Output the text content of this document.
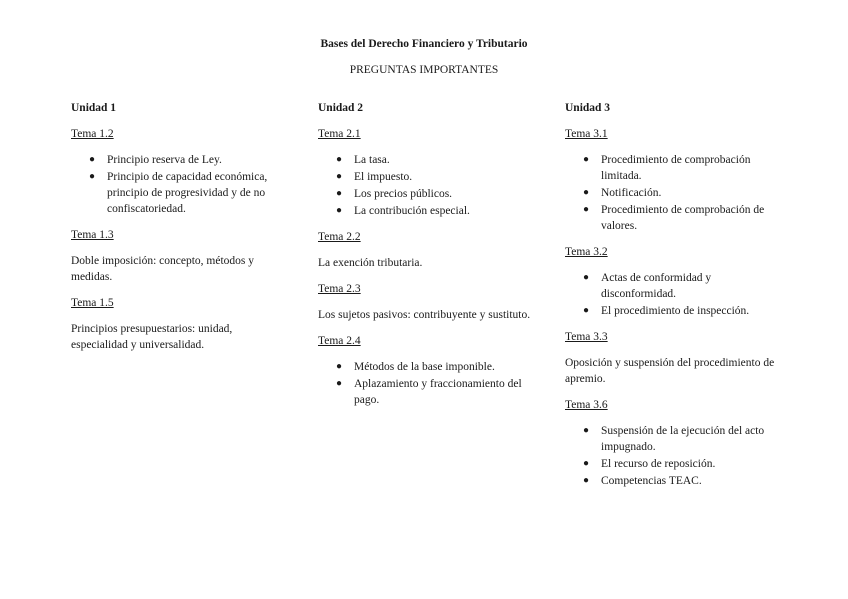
Bases del Derecho Financiero y Tributario
PREGUNTAS IMPORTANTES
Unidad 1
Tema 1.2
● Principio reserva de Ley.
● Principio de capacidad económica, principio de progresividad y de no confiscatoriedad.
Tema 1.3
Doble imposición: concepto, métodos y medidas.
Tema 1.5
Principios presupuestarios: unidad, especialidad y universalidad.
Unidad 2
Tema 2.1
● La tasa.
● El impuesto.
● Los precios públicos.
● La contribución especial.
Tema 2.2
La exención tributaria.
Tema 2.3
Los sujetos pasivos: contribuyente y sustituto.
Tema 2.4
● Métodos de la base imponible.
● Aplazamiento y fraccionamiento del pago.
Unidad 3
Tema 3.1
● Procedimiento de comprobación limitada.
● Notificación.
● Procedimiento de comprobación de valores.
Tema 3.2
● Actas de conformidad y disconformidad.
● El procedimiento de inspección.
Tema 3.3
Oposición y suspensión del procedimiento de apremio.
Tema 3.6
● Suspensión de la ejecución del acto impugnado.
● El recurso de reposición.
● Competencias TEAC.
